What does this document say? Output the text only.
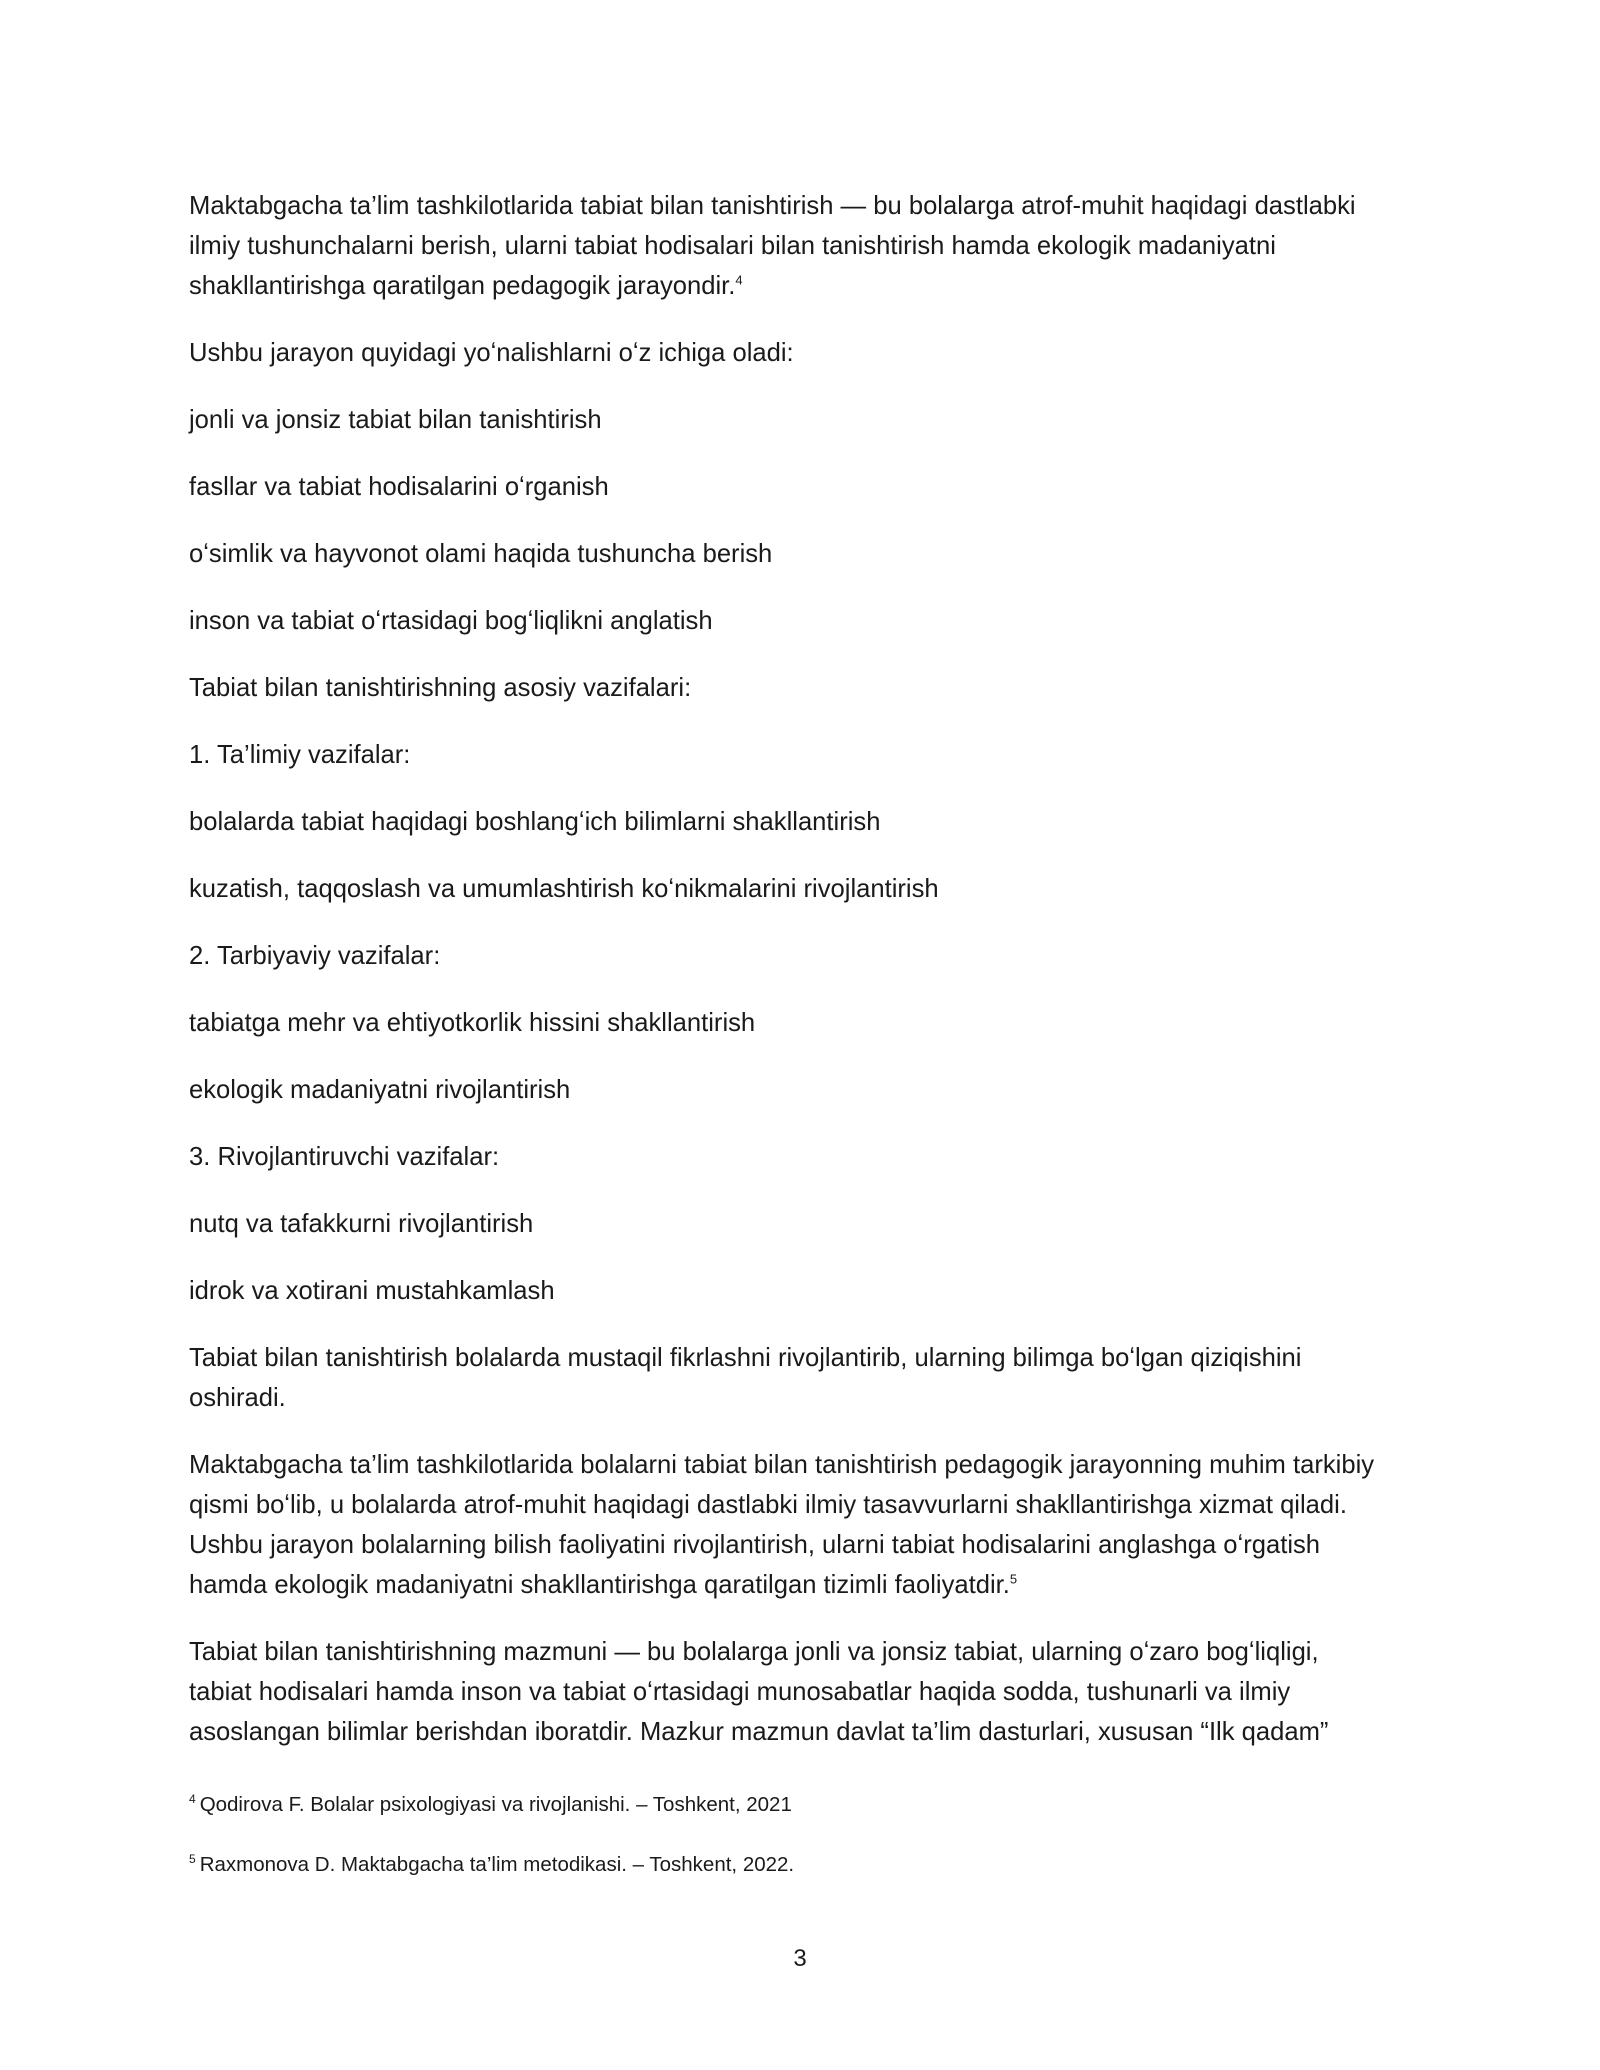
Maktabgacha ta’lim tashkilotlarida tabiat bilan tanishtirish — bu bolalarga atrof-muhit haqidagi dastlabki ilmiy tushunchalarni berish, ularni tabiat hodisalari bilan tanishtirish hamda ekologik madaniyatni shakllantirishga qaratilgan pedagogik jarayondir.$^4$

Ushbu jarayon quyidagi yoʻnalishlarni oʻz ichiga oladi:

jonli va jonsiz tabiat bilan tanishtirish

fasllar va tabiat hodisalarini oʻrganish

oʻsimlik va hayvonot olami haqida tushuncha berish

inson va tabiat oʻrtasidagi bogʻliqlikni anglatish

Tabiat bilan tanishtirishning asosiy vazifalari:

1. Ta’limiy vazifalar:

bolalarda tabiat haqidagi boshlangʻich bilimlarni shakllantirish

kuzatish, taqqoslash va umumlashtirish koʻnikmalarini rivojlantirish

2. Tarbiyaviy vazifalar:

tabiatga mehr va ehtiyotkorlik hissini shakllantirish

ekologik madaniyatni rivojlantirish

3. Rivojlantiruvchi vazifalar:

nutq va tafakkurni rivojlantirish

idrok va xotirani mustahkamlash

Tabiat bilan tanishtirish bolalarda mustaqil fikrlashni rivojlantirib, ularning bilimga boʻlgan qiziqishini oshiradi.

Maktabgacha ta’lim tashkilotlarida bolalarni tabiat bilan tanishtirish pedagogik jarayonning muhim tarkibiy qismi boʻlib, u bolalarda atrof-muhit haqidagi dastlabki ilmiy tasavvurlarni shakllantirishga xizmat qiladi. Ushbu jarayon bolalarning bilish faoliyatini rivojlantirish, ularni tabiat hodisalarini anglashga oʻrgatish hamda ekologik madaniyatni shakllantirishga qaratilgan tizimli faoliyatdir.$^5$

Tabiat bilan tanishtirishning mazmuni — bu bolalarga jonli va jonsiz tabiat, ularning oʻzaro bogʻliqligi, tabiat hodisalari hamda inson va tabiat oʻrtasidagi munosabatlar haqida sodda, tushunarli va ilmiy asoslangan bilimlar berishdan iboratdir. Mazkur mazmun davlat ta’lim dasturlari, xususan “Ilk qadam”

$^4$ Qodirova F. Bolalar psixologiyasi va rivojlanishi. – Toshkent, 2021

$^5$ Raxmonova D. Maktabgacha ta’lim metodikasi. – Toshkent, 2022.

3
